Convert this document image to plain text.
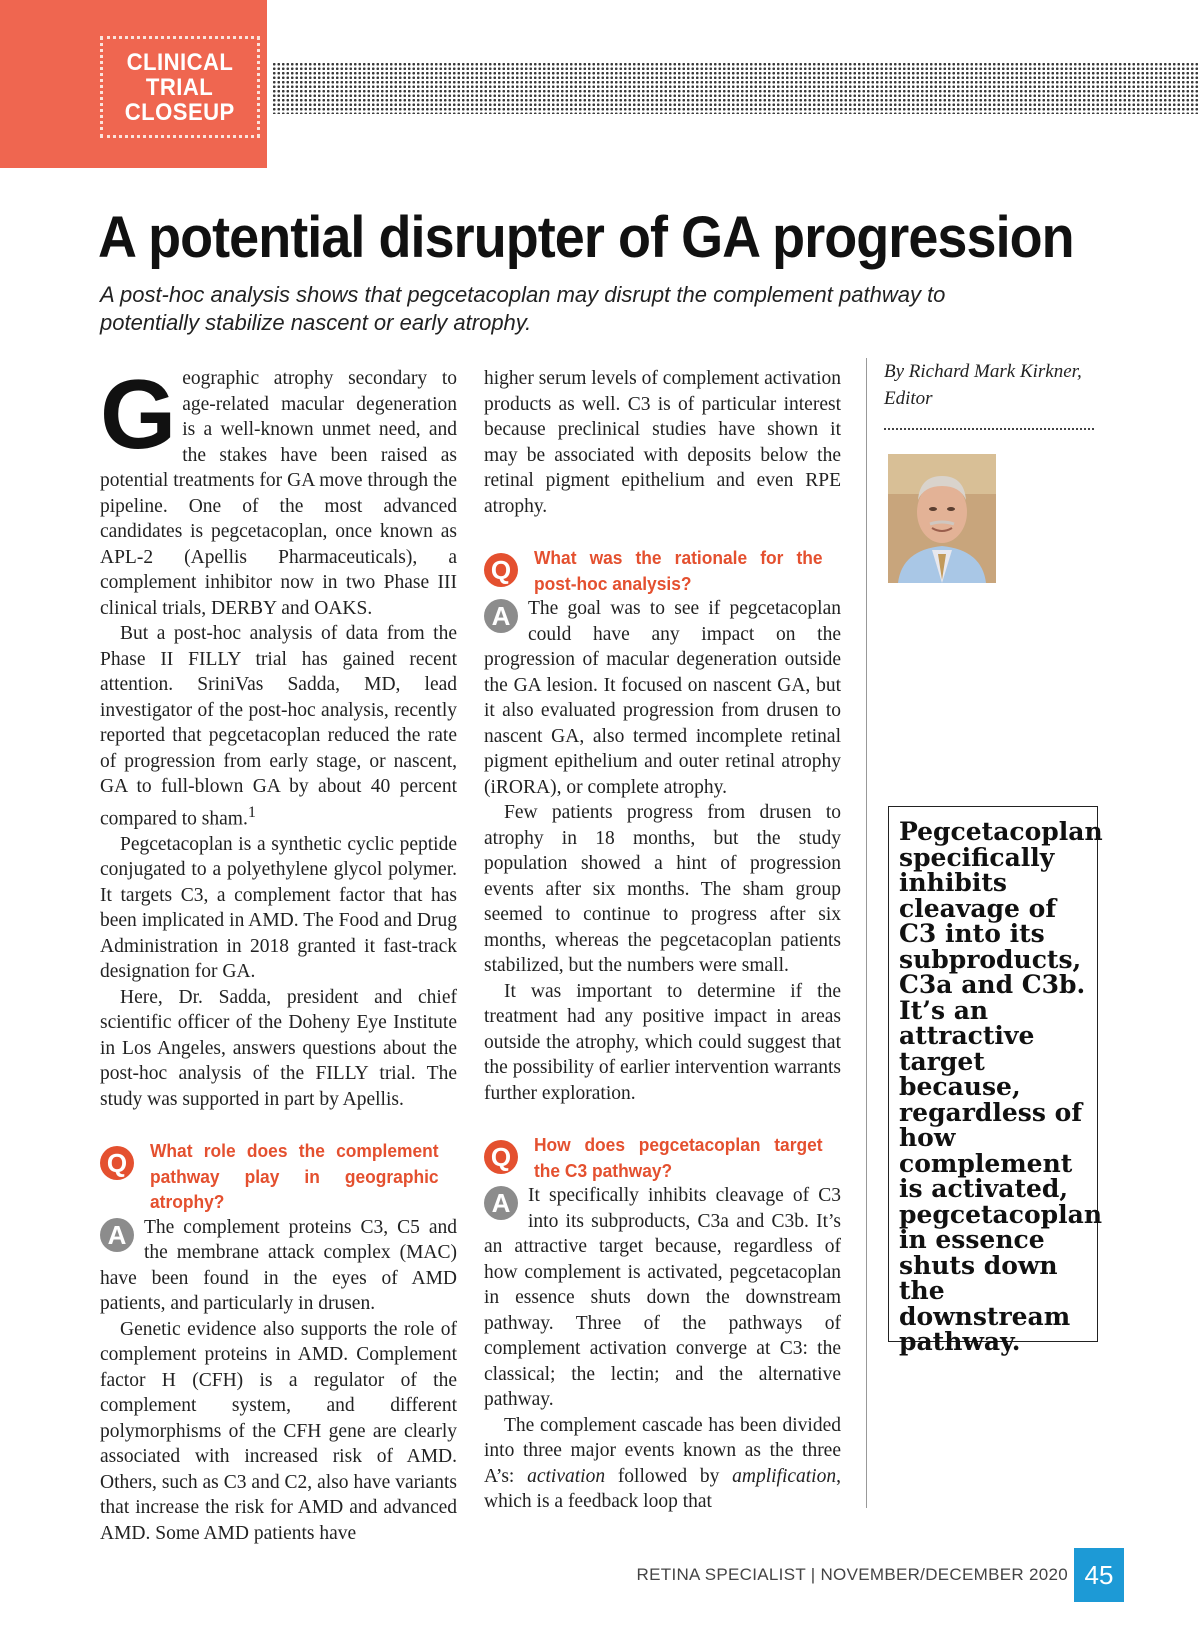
CLINICAL
TRIAL
CLOSEUP
A potential disrupter of GA progression
A post-hoc analysis shows that pegcetacoplan may disrupt the complement pathway to potentially stabilize nascent or early atrophy.

Geographic atrophy secondary to age-related macular degeneration is a well-known unmet need, and the stakes have been raised as potential treatments for GA move through the pipeline. One of the most advanced candidates is pegcetacoplan, once known as APL-2 (Apellis Pharmaceuticals), a complement inhibitor now in two Phase III clinical trials, DERBY and OAKS.

But a post-hoc analysis of data from the Phase II FILLY trial has gained recent attention. SriniVas Sadda, MD, lead investigator of the post-hoc analysis, recently reported that pegcetacoplan reduced the rate of progression from early stage, or nascent, GA to full-blown GA by about 40 percent compared to sham.$^1$

Pegcetacoplan is a synthetic cyclic peptide conjugated to a polyethylene glycol polymer. It targets C3, a complement factor that has been implicated in AMD. The Food and Drug Administration in 2018 granted it fast-track designation for GA.

Here, Dr. Sadda, president and chief scientific officer of the Doheny Eye Institute in Los Angeles, answers questions about the post-hoc analysis of the FILLY trial. The study was supported in part by Apellis.

Q	What role does the complement pathway play in geographic atrophy?

A The complement proteins C3, C5 and the membrane attack complex (MAC) have been found in the eyes of AMD patients, and particularly in drusen.

Genetic evidence also supports the role of complement proteins in AMD. Complement factor H (CFH) is a regulator of the complement system, and different polymorphisms of the CFH gene are clearly associated with increased risk of AMD. Others, such as C3 and C2, also have variants that increase the risk for AMD and advanced AMD. Some AMD patients have

higher serum levels of complement activation products as well. C3 is of particular interest because preclinical studies have shown it may be associated with deposits below the retinal pigment epithelium and even RPE atrophy.

Q	What was the rationale for the post-hoc analysis?

A The goal was to see if pegcetacoplan could have any impact on the progression of macular degeneration outside the GA lesion. It focused on nascent GA, but it also evaluated progression from drusen to nascent GA, also termed incomplete retinal pigment epithelium and outer retinal atrophy (iRORA), or complete atrophy.

Few patients progress from drusen to atrophy in 18 months, but the study population showed a hint of progression events after six months. The sham group seemed to continue to progress after six months, whereas the pegcetacoplan patients stabilized, but the numbers were small.

It was important to determine if the treatment had any positive impact in areas outside the atrophy, which could suggest that the possibility of earlier intervention warrants further exploration.

Q	How does pegcetacoplan target the C3 pathway?

A It specifically inhibits cleavage of C3 into its subproducts, C3a and C3b. It’s an attractive target because, regardless of how complement is activated, pegcetacoplan in essence shuts down the downstream pathway. Three of the pathways of complement activation converge at C3: the classical; the lectin; and the alternative pathway.

The complement cascade has been divided into three major events known as the three A’s: activation followed by amplification, which is a feedback loop that

By Richard Mark Kirkner, Editor
Pegcetacoplan specifically inhibits cleavage of C3 into its subproducts, C3a and C3b. It’s an attractive target because, regardless of how complement is activated, pegcetacoplan in essence shuts down the downstream pathway.
RETINA SPECIALIST | NOVEMBER/DECEMBER 2020 45
